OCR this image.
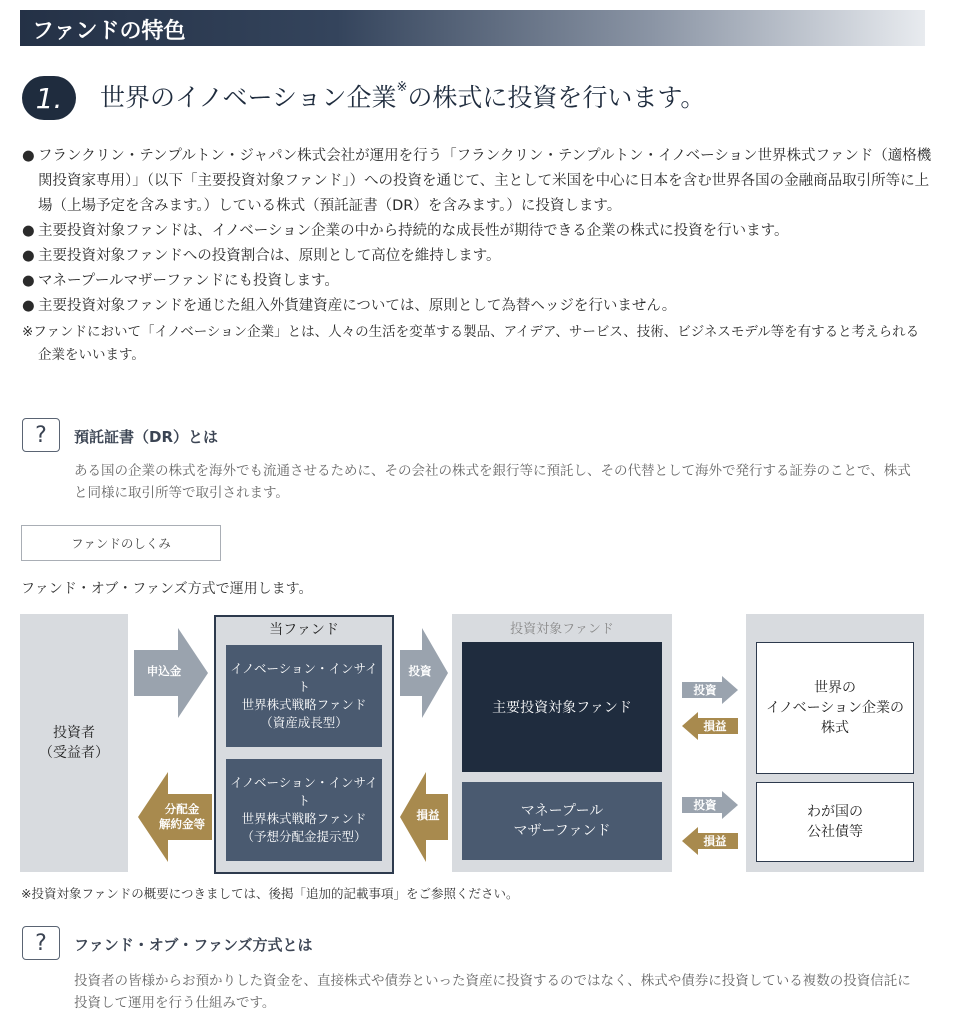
ファンドの特色
1.	世界のイノベーション企業※の株式に投資を行います。
● フランクリン・テンプルトン・ジャパン株式会社が運用を行う「フランクリン・テンプルトン・イノベーション世界株式ファンド（適格機関投資家専用）」（以下「主要投資対象ファンド」）への投資を通じて、主として米国を中心に日本を含む世界各国の金融商品取引所等に上場（上場予定を含みます。）している株式（預託証書（DR）を含みます。）に投資します。
● 主要投資対象ファンドは、イノベーション企業の中から持続的な成長性が期待できる企業の株式に投資を行います。
● 主要投資対象ファンドへの投資割合は、原則として高位を維持します。
● マネープールマザーファンドにも投資します。
● 主要投資対象ファンドを通じた組入外貨建資産については、原則として為替ヘッジを行いません。
※ファンドにおいて「イノベーション企業」とは、人々の生活を変革する製品、アイデア、サービス、技術、ビジネスモデル等を有すると考えられる企業をいいます。
?	預託証書（DR）とは
ある国の企業の株式を海外でも流通させるために、その会社の株式を銀行等に預託し、その代替として海外で発行する証券のことで、株式と同様に取引所等で取引されます。
ファンドのしくみ
ファンド・オブ・ファンズ方式で運用します。
投資者
（受益者）
申込金
分配金
解約金等
当ファンド
イノベーション・インサイト
世界株式戦略ファンド
（資産成長型）
イノベーション・インサイト
世界株式戦略ファンド
（予想分配金提示型）
投資
損益
投資対象ファンド
主要投資対象ファンド
マネープール
マザーファンド
投資
損益
投資
損益
世界の
イノベーション企業の
株式
わが国の
公社債等
※投資対象ファンドの概要につきましては、後掲「追加的記載事項」をご参照ください。
?	ファンド・オブ・ファンズ方式とは
投資者の皆様からお預かりした資金を、直接株式や債券といった資産に投資するのではなく、株式や債券に投資している複数の投資信託に投資して運用を行う仕組みです。
